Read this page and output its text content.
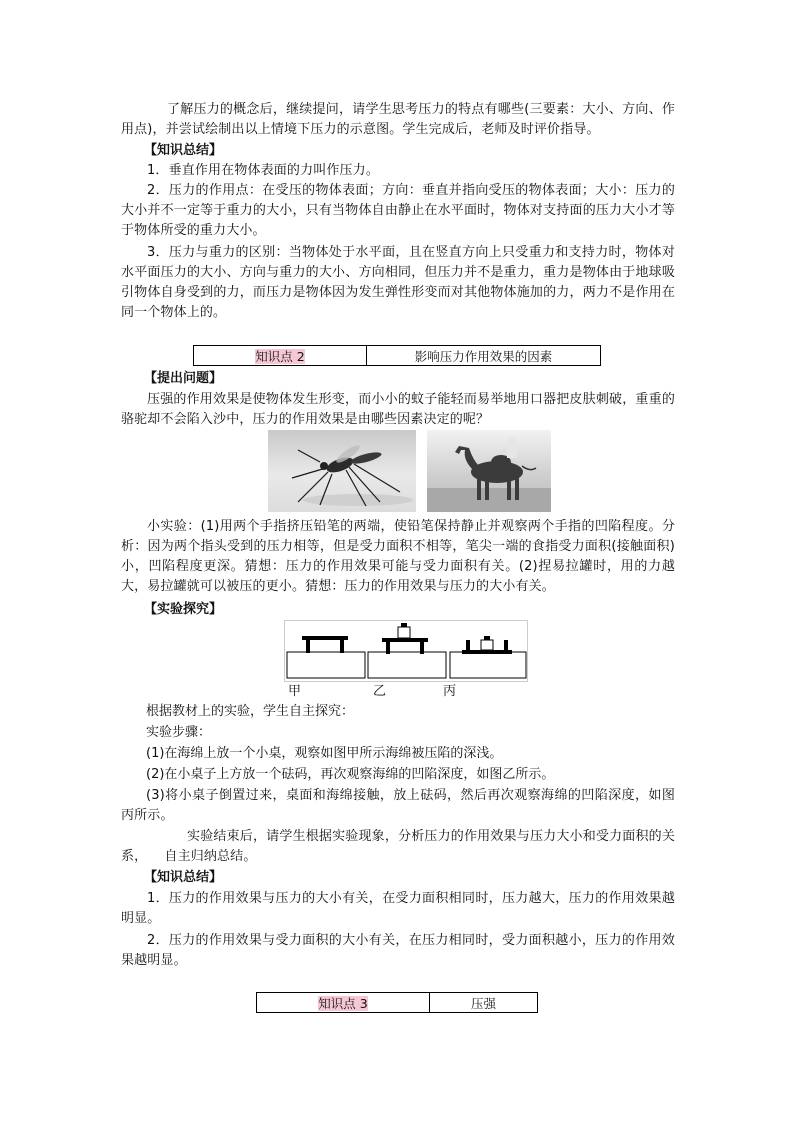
了解压力的概念后，继续提问，请学生思考压力的特点有哪些(三要素：大小、方向、作用点)，并尝试绘制出以上情境下压力的示意图。学生完成后，老师及时评价指导。

【知识总结】

1．垂直作用在物体表面的力叫作压力。

2．压力的作用点：在受压的物体表面；方向：垂直并指向受压的物体表面；大小：压力的大小并不一定等于重力的大小，只有当物体自由静止在水平面时，物体对支持面的压力大小才等于物体所受的重力大小。

3．压力与重力的区别：当物体处于水平面，且在竖直方向上只受重力和支持力时，物体对水平面压力的大小、方向与重力的大小、方向相同，但压力并不是重力，重力是物体由于地球吸引物体自身受到的力，而压力是物体因为发生弹性形变而对其他物体施加的力，两力不是作用在同一个物体上的。

知识点 2	影响压力作用效果的因素

【提出问题】

压强的作用效果是使物体发生形变，而小小的蚊子能轻而易举地用口器把皮肤刺破，重重的骆驼却不会陷入沙中，压力的作用效果是由哪些因素决定的呢？

小实验：(1)用两个手指挤压铅笔的两端，使铅笔保持静止并观察两个手指的凹陷程度。分析：因为两个指头受到的压力相等，但是受力面积不相等，笔尖一端的食指受力面积(接触面积)小，凹陷程度更深。猜想：压力的作用效果可能与受力面积有关。(2)捏易拉罐时，用的力越大，易拉罐就可以被压的更小。猜想：压力的作用效果与压力的大小有关。

【实验探究】

甲	乙	丙

根据教材上的实验，学生自主探究：

实验步骤：

(1)在海绵上放一个小桌，观察如图甲所示海绵被压陷的深浅。

(2)在小桌子上方放一个砝码，再次观察海绵的凹陷深度，如图乙所示。

(3)将小桌子倒置过来，桌面和海绵接触，放上砝码，然后再次观察海绵的凹陷深度，如图丙所示。

实验结束后，请学生根据实验现象，分析压力的作用效果与压力大小和受力面积的关系，    自主归纳总结。

【知识总结】

1．压力的作用效果与压力的大小有关，在受力面积相同时，压力越大，压力的作用效果越明显。

2．压力的作用效果与受力面积的大小有关，在压力相同时，受力面积越小，压力的作用效果越明显。

知识点 3	压强
